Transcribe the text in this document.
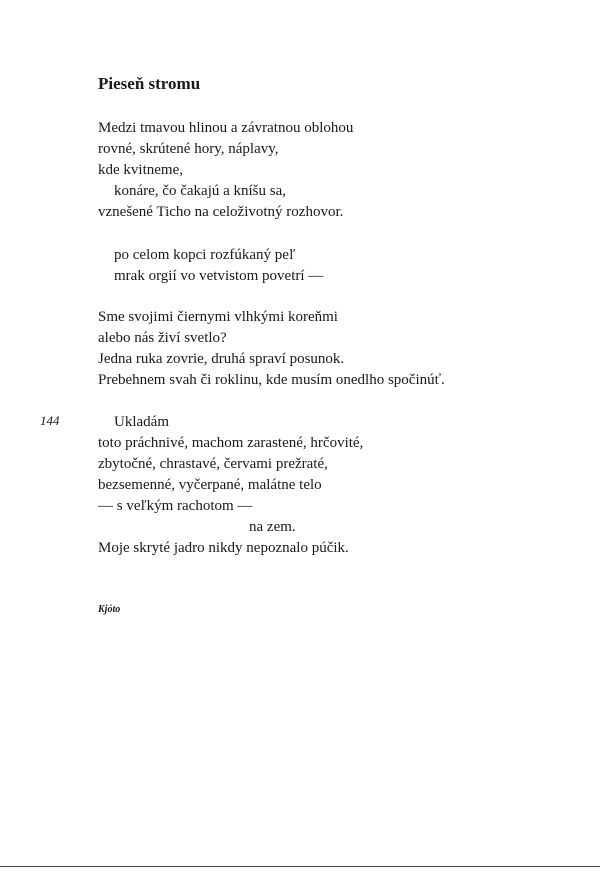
Pieseň stromu
Medzi tmavou hlinou a závratnou oblohou
rovné, skrútené hory, náplavy,
kde kvitneme,
konáre, čo čakajú a kníšu sa,
vznešené Ticho na celoživotný rozhovor.
po celom kopci rozfúkaný peľ
mrak orgií vo vetvistom povetrí —
Sme svojimi čiernymi vlhkými koreňmi
alebo nás živí svetlo?
Jedna ruka zovrie, druhá spraví posunok.
Prebehnem svah či roklinu, kde musím onedlho spočinúť.
144	Ukladám
toto práchnivé, machom zarastené, hrčovité,
zbytočné, chrastavé, červami prežraté,
bezsemenné, vyčerpané, malátne telo
— s veľkým rachotom —
na zem.
Moje skryté jadro nikdy nepoznalo púčik.
Kjóto
